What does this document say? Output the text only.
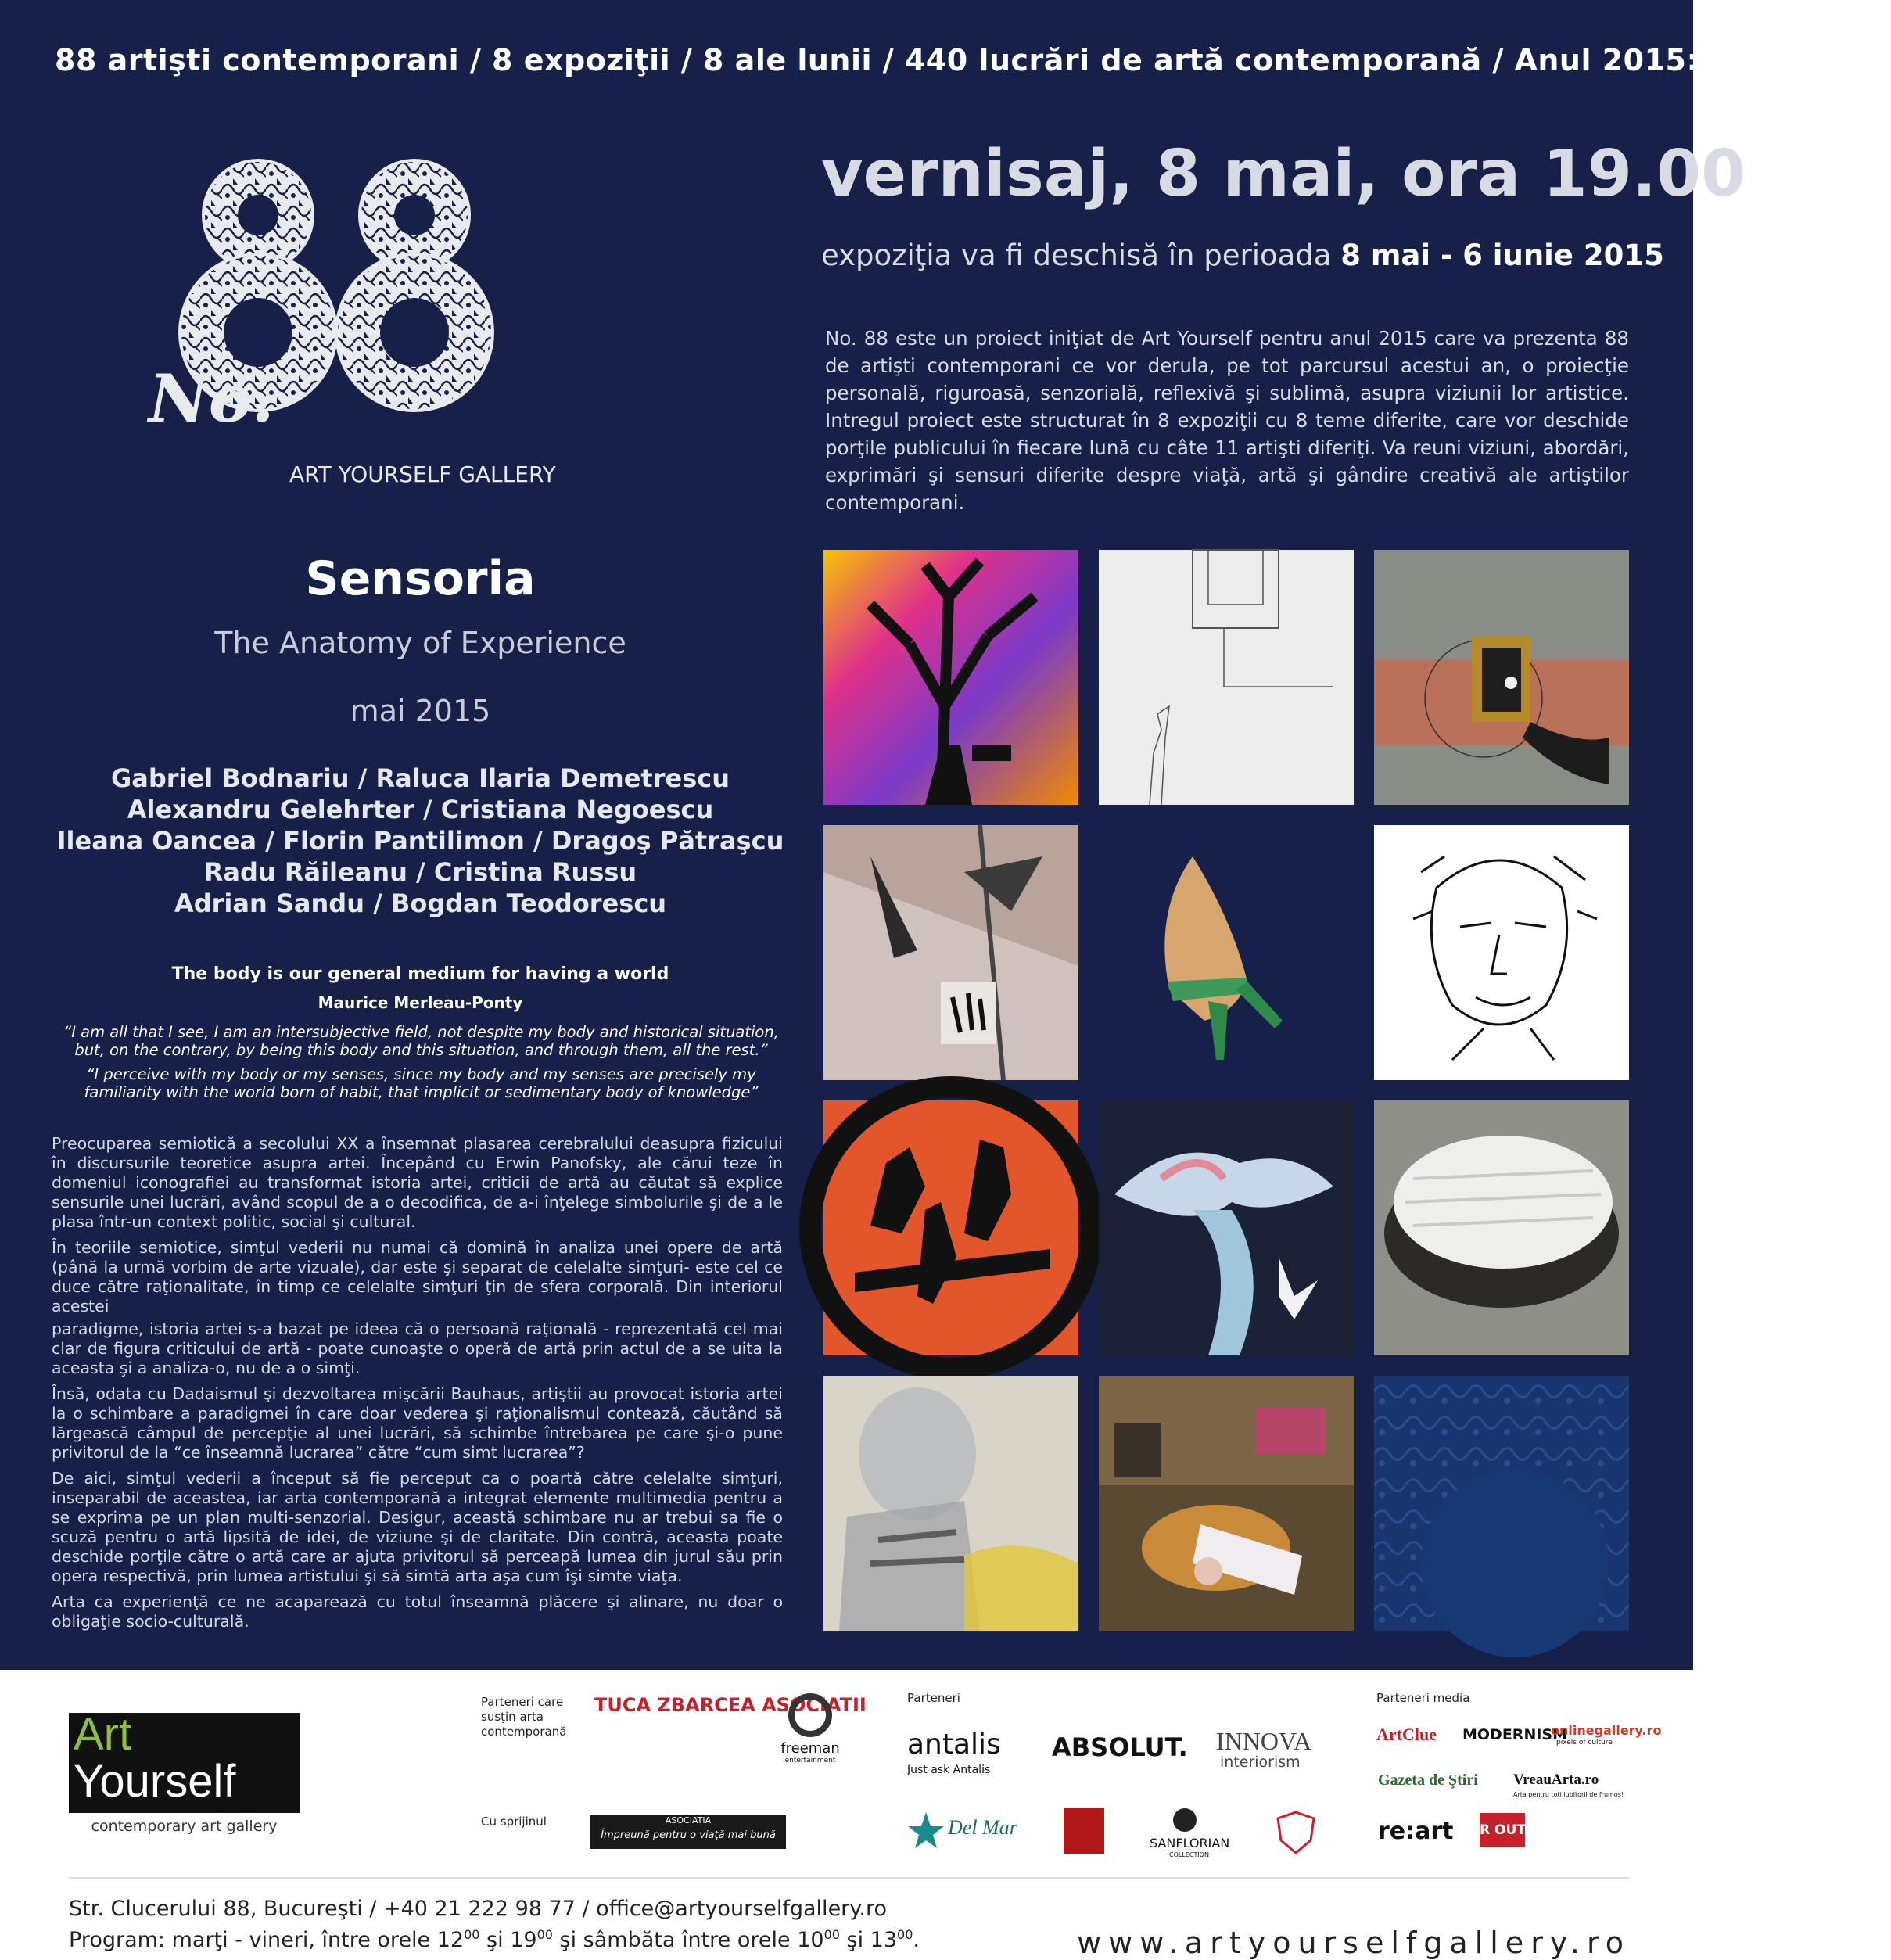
88 artişti contemporani / 8 expoziţii / 8 ale lunii / 440 lucrări de artă contemporană / Anul 2015: 2+1+5 = 8
No.
ART YOURSELF GALLERY
vernisaj, 8 mai, ora 19.00
expoziţia va fi deschisă în perioada 8 mai - 6 iunie 2015
No. 88 este un proiect iniţiat de Art Yourself pentru anul 2015 care va prezenta 88 de artişti contemporani ce vor derula, pe tot parcursul acestui an, o proiecţie personală, riguroasă, senzorială, reflexivă şi sublimă, asupra viziunii lor artistice. Intregul proiect este structurat în 8 expoziţii cu 8 teme diferite, care vor deschide porţile publicului în fiecare lună cu câte 11 artişti diferiţi. Va reuni viziuni, abordări, exprimări şi sensuri diferite despre viaţă, artă şi gândire creativă ale artiştilor contemporani.
Sensoria
The Anatomy of Experience
mai 2015
Gabriel Bodnariu / Raluca Ilaria Demetrescu
Alexandru Gelehrter / Cristiana Negoescu
Ileana Oancea / Florin Pantilimon / Dragoş Pătraşcu
Radu Răileanu / Cristina Russu
Adrian Sandu / Bogdan Teodorescu
The body is our general medium for having a world
Maurice Merleau-Ponty
“I am all that I see, I am an intersubjective field, not despite my body and historical situation, but, on the contrary, by being this body and this situation, and through them, all the rest.”
“I perceive with my body or my senses, since my body and my senses are precisely my familiarity with the world born of habit, that implicit or sedimentary body of knowledge”

Preocuparea semiotică a secolului XX a însemnat plasarea cerebralului deasupra fizicului în discursurile teoretice asupra artei. Începând cu Erwin Panofsky, ale cărui teze în domeniul iconografiei au transformat istoria artei, criticii de artă au căutat să explice sensurile unei lucrări, având scopul de a o decodifica, de a-i înţelege simbolurile şi de a le plasa într-un context politic, social şi cultural.

În teoriile semiotice, simţul vederii nu numai că domină în analiza unei opere de artă (până la urmă vorbim de arte vizuale), dar este şi separat de celelalte simţuri- este cel ce duce către raţionalitate, în timp ce celelalte simţuri ţin de sfera corporală. Din interiorul acestei

paradigme, istoria artei s-a bazat pe ideea că o persoană raţională - reprezentată cel mai clar de figura criticului de artă - poate cunoaşte o operă de artă prin actul de a se uita la aceasta şi a analiza-o, nu de a o simţi.

Însă, odata cu Dadaismul şi dezvoltarea mişcării Bauhaus, artiştii au provocat istoria artei la o schimbare a paradigmei în care doar vederea şi raţionalismul contează, căutând să lărgească câmpul de percepţie al unei lucrări, să schimbe întrebarea pe care şi-o pune privitorul de la “ce înseamnă lucrarea” către “cum simt lucrarea”?

De aici, simţul vederii a început să fie perceput ca o poartă către celelalte simţuri, inseparabil de aceastea, iar arta contemporană a integrat elemente multimedia pentru a se exprima pe un plan multi-senzorial. Desigur, această schimbare nu ar trebui sa fie o scuză pentru o artă lipsită de idei, de viziune şi de claritate. Din contră, aceasta poate deschide porţile către o artă care ar ajuta privitorul să perceapă lumea din jurul său prin opera respectivă, prin lumea artistului şi să simtă arta aşa cum îşi simte viaţa.

Arta ca experienţă ce ne acaparează cu totul înseamnă plăcere şi alinare, nu doar o obligaţie socio-culturală.

Art
Yourself
contemporary art gallery
Parteneri care susţin arta contemporană
TUCA ZBARCEA ASOCIATII
freeman
entertainment
Parteneri
antalis
Just ask Antalis
ABSOLUT. INNOVA
interiorism
Parteneri media
ArtClue MODERNISM
onlinegallery.ro
pixels of culture
Gazeta de Ştiri VreauArta.ro
Arta pentru toti iubitorii de frumos!
Cu sprijinul	ASOCIATIA
Împreună pentru o viaţă mai bună	Del Mar
SANFLORIAN
COLLECTION
re:art R OUT
Str. Clucerului 88, Bucureşti / +40 21 222 98 77 / office@artyourselfgallery.ro
Program: marţi - vineri, între orele $12^{00}$ şi $19^{00}$ şi sâmbăta între orele $10^{00}$ şi $13^{00}$.	www.artyourselfgallery.ro
